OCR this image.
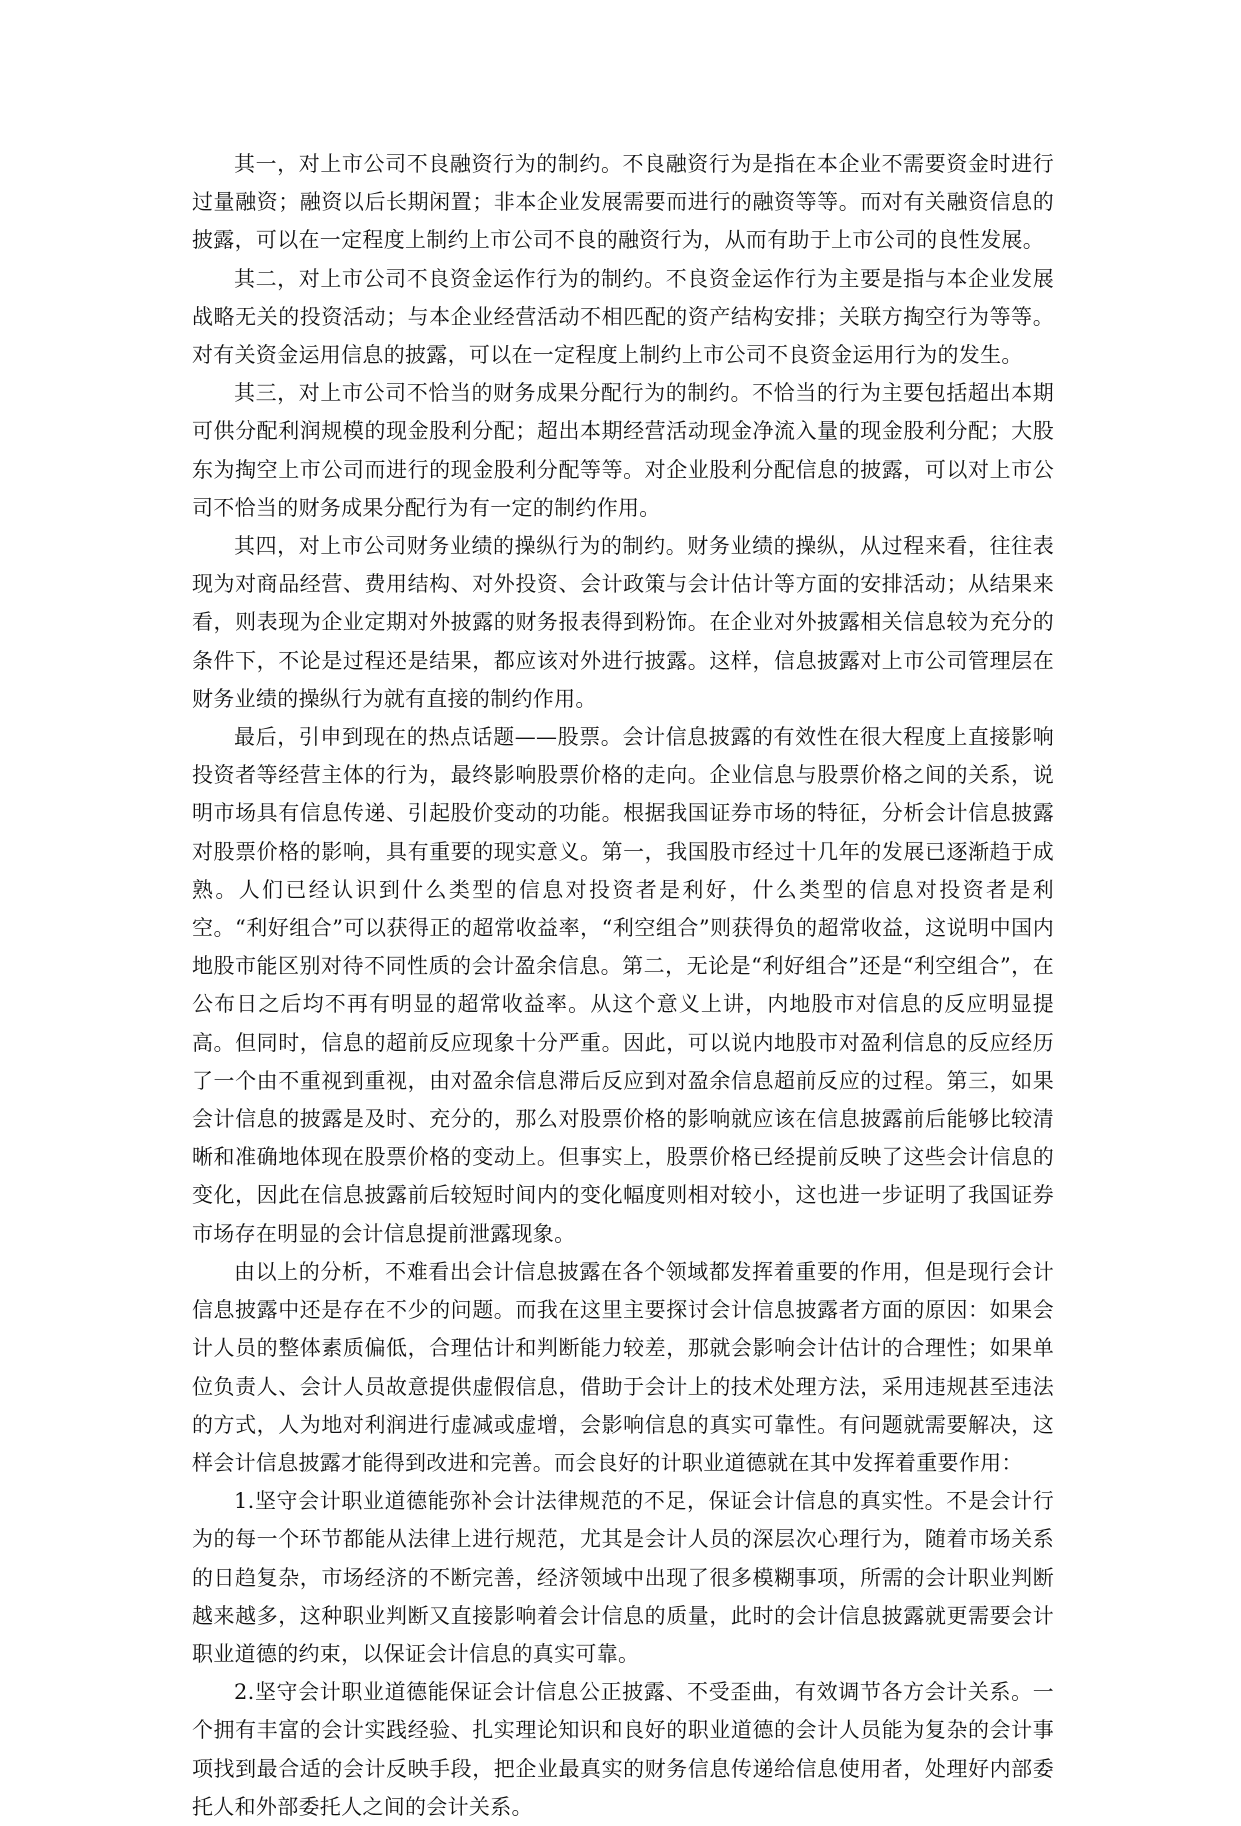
其一，对上市公司不良融资行为的制约。不良融资行为是指在本企业不需要资金时进行过量融资；融资以后长期闲置；非本企业发展需要而进行的融资等等。而对有关融资信息的披露，可以在一定程度上制约上市公司不良的融资行为，从而有助于上市公司的良性发展。

其二，对上市公司不良资金运作行为的制约。不良资金运作行为主要是指与本企业发展战略无关的投资活动；与本企业经营活动不相匹配的资产结构安排；关联方掏空行为等等。对有关资金运用信息的披露，可以在一定程度上制约上市公司不良资金运用行为的发生。

其三，对上市公司不恰当的财务成果分配行为的制约。不恰当的行为主要包括超出本期可供分配利润规模的现金股利分配；超出本期经营活动现金净流入量的现金股利分配；大股东为掏空上市公司而进行的现金股利分配等等。对企业股利分配信息的披露，可以对上市公司不恰当的财务成果分配行为有一定的制约作用。

其四，对上市公司财务业绩的操纵行为的制约。财务业绩的操纵，从过程来看，往往表现为对商品经营、费用结构、对外投资、会计政策与会计估计等方面的安排活动；从结果来看，则表现为企业定期对外披露的财务报表得到粉饰。在企业对外披露相关信息较为充分的条件下，不论是过程还是结果，都应该对外进行披露。这样，信息披露对上市公司管理层在财务业绩的操纵行为就有直接的制约作用。

最后，引申到现在的热点话题——股票。会计信息披露的有效性在很大程度上直接影响投资者等经营主体的行为，最终影响股票价格的走向。企业信息与股票价格之间的关系，说明市场具有信息传递、引起股价变动的功能。根据我国证券市场的特征，分析会计信息披露对股票价格的影响，具有重要的现实意义。第一，我国股市经过十几年的发展已逐渐趋于成熟。人们已经认识到什么类型的信息对投资者是利好，什么类型的信息对投资者是利空。“利好组合”可以获得正的超常收益率，“利空组合”则获得负的超常收益，这说明中国内地股市能区别对待不同性质的会计盈余信息。第二，无论是“利好组合”还是“利空组合”，在公布日之后均不再有明显的超常收益率。从这个意义上讲，内地股市对信息的反应明显提高。但同时，信息的超前反应现象十分严重。因此，可以说内地股市对盈利信息的反应经历了一个由不重视到重视，由对盈余信息滞后反应到对盈余信息超前反应的过程。第三，如果会计信息的披露是及时、充分的，那么对股票价格的影响就应该在信息披露前后能够比较清晰和准确地体现在股票价格的变动上。但事实上，股票价格已经提前反映了这些会计信息的变化，因此在信息披露前后较短时间内的变化幅度则相对较小，这也进一步证明了我国证券市场存在明显的会计信息提前泄露现象。

由以上的分析，不难看出会计信息披露在各个领域都发挥着重要的作用，但是现行会计信息披露中还是存在不少的问题。而我在这里主要探讨会计信息披露者方面的原因：如果会计人员的整体素质偏低，合理估计和判断能力较差，那就会影响会计估计的合理性；如果单位负责人、会计人员故意提供虚假信息，借助于会计上的技术处理方法，采用违规甚至违法的方式，人为地对利润进行虚减或虚增，会影响信息的真实可靠性。有问题就需要解决，这样会计信息披露才能得到改进和完善。而会良好的计职业道德就在其中发挥着重要作用：

1.坚守会计职业道德能弥补会计法律规范的不足，保证会计信息的真实性。不是会计行为的每一个环节都能从法律上进行规范，尤其是会计人员的深层次心理行为，随着市场关系的日趋复杂，市场经济的不断完善，经济领域中出现了很多模糊事项，所需的会计职业判断越来越多，这种职业判断又直接影响着会计信息的质量，此时的会计信息披露就更需要会计职业道德的约束，以保证会计信息的真实可靠。

2.坚守会计职业道德能保证会计信息公正披露、不受歪曲，有效调节各方会计关系。一个拥有丰富的会计实践经验、扎实理论知识和良好的职业道德的会计人员能为复杂的会计事项找到最合适的会计反映手段，把企业最真实的财务信息传递给信息使用者，处理好内部委托人和外部委托人之间的会计关系。
